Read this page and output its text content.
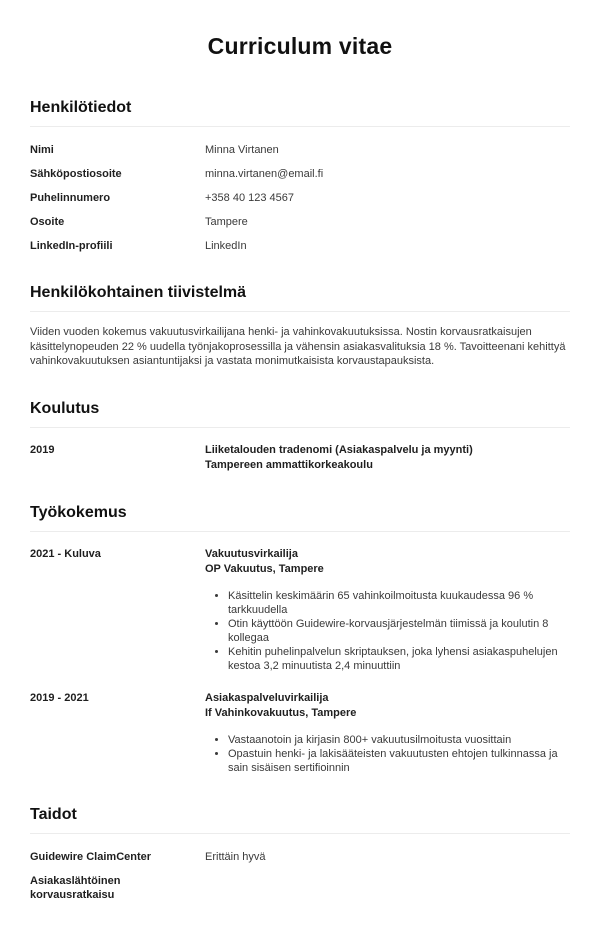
Curriculum vitae
Henkilötiedot
Nimi	Minna Virtanen
Sähköpostiosoite	minna.virtanen@email.fi
Puhelinnumero	+358 40 123 4567
Osoite	Tampere
LinkedIn-profiili	LinkedIn
Henkilökohtainen tiivistelmä

Viiden vuoden kokemus vakuutusvirkailijana henki- ja vahinkovakuutuksissa. Nostin korvausratkaisujen käsittelynopeuden 22 % uudella työnjakoprosessilla ja vähensin asiakasvalituksia 18 %. Tavoitteenani kehittyä vahinkovakuutuksen asiantuntijaksi ja vastata monimutkaisista korvaustapauksista.

Koulutus
2019	Liiketalouden tradenomi (Asiakaspalvelu ja myynti)
Tampereen ammattikorkeakoulu
Työkokemus
2021 - Kuluva	Vakuutusvirkailija
OP Vakuutus, Tampere
• Käsittelin keskimäärin 65 vahinkoilmoitusta kuukaudessa 96 % tarkkuudella
• Otin käyttöön Guidewire-korvausjärjestelmän tiimissä ja koulutin 8 kollegaa
• Kehitin puhelinpalvelun skriptauksen, joka lyhensi asiakaspuhelujen kestoa 3,2 minuutista 2,4 minuuttiin
2019 - 2021	Asiakaspalveluvirkailija
If Vahinkovakuutus, Tampere
• Vastaanotoin ja kirjasin 800+ vakuutusilmoitusta vuosittain
• Opastuin henki- ja lakisääteisten vakuutusten ehtojen tulkinnassa ja sain sisäisen sertifioinnin
Taidot
Guidewire ClaimCenter	Erittäin hyvä
Asiakaslähtöinen korvausratkaisu
